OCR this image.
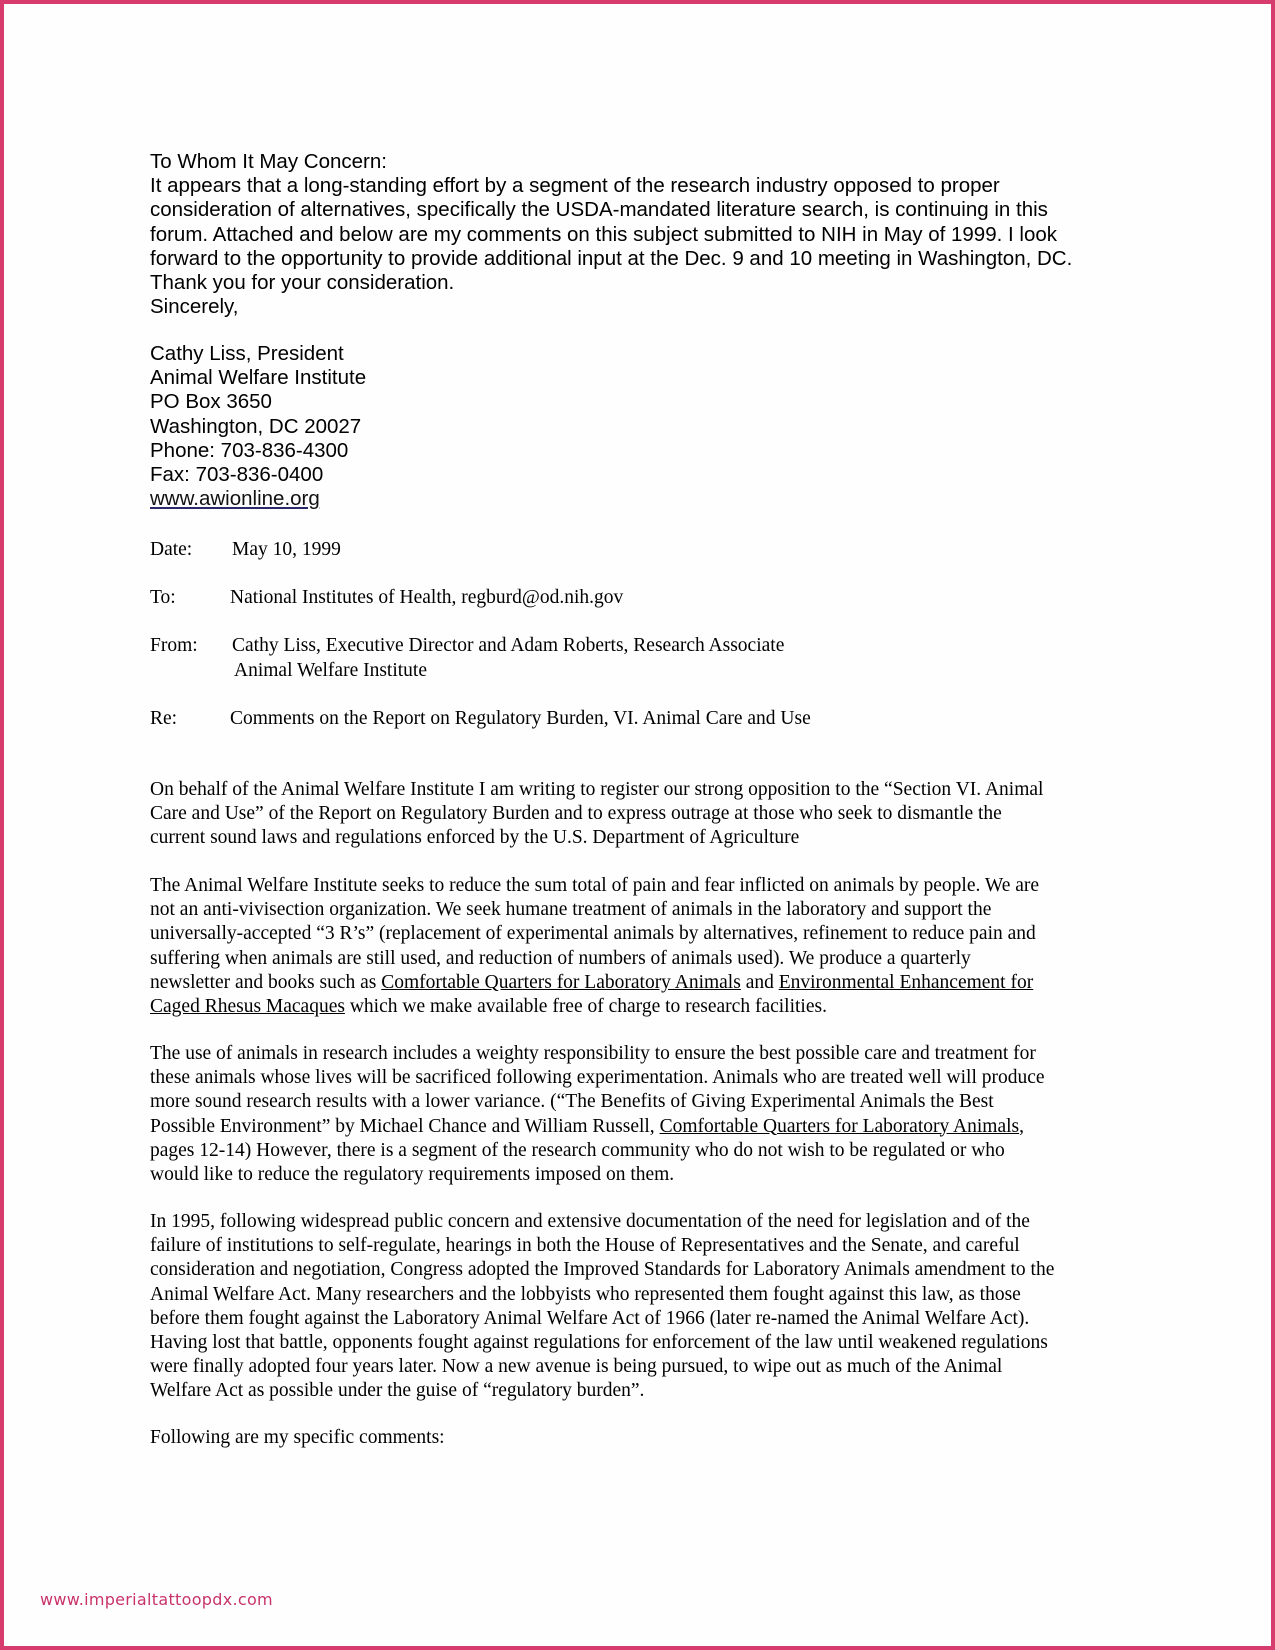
To Whom It May Concern:
It appears that a long-standing effort by a segment of the research industry opposed to proper
consideration of alternatives, specifically the USDA-mandated literature search, is continuing in this
forum. Attached and below are my comments on this subject submitted to NIH in May of 1999. I look
forward to the opportunity to provide additional input at the Dec. 9 and 10 meeting in Washington, DC.
Thank you for your consideration.
Sincerely,
Cathy Liss, President
Animal Welfare Institute
PO Box 3650
Washington, DC 20027
Phone: 703-836-4300
Fax: 703-836-0400
www.awionline.org
Date:	May 10, 1999
To:	National Institutes of Health, regburd@od.nih.gov
From:	Cathy Liss, Executive Director and Adam Roberts, Research Associate
Animal Welfare Institute
Re:	Comments on the Report on Regulatory Burden, VI. Animal Care and Use
On behalf of the Animal Welfare Institute I am writing to register our strong opposition to the “Section VI. Animal
Care and Use” of the Report on Regulatory Burden and to express outrage at those who seek to dismantle the
current sound laws and regulations enforced by the U.S. Department of Agriculture
The Animal Welfare Institute seeks to reduce the sum total of pain and fear inflicted on animals by people. We are
not an anti-vivisection organization. We seek humane treatment of animals in the laboratory and support the
universally-accepted “3 R’s” (replacement of experimental animals by alternatives, refinement to reduce pain and
suffering when animals are still used, and reduction of numbers of animals used). We produce a quarterly
newsletter and books such as Comfortable Quarters for Laboratory Animals and Environmental Enhancement for
Caged Rhesus Macaques which we make available free of charge to research facilities.
The use of animals in research includes a weighty responsibility to ensure the best possible care and treatment for
these animals whose lives will be sacrificed following experimentation. Animals who are treated well will produce
more sound research results with a lower variance. (“The Benefits of Giving Experimental Animals the Best
Possible Environment” by Michael Chance and William Russell, Comfortable Quarters for Laboratory Animals,
pages 12-14) However, there is a segment of the research community who do not wish to be regulated or who
would like to reduce the regulatory requirements imposed on them.
In 1995, following widespread public concern and extensive documentation of the need for legislation and of the
failure of institutions to self-regulate, hearings in both the House of Representatives and the Senate, and careful
consideration and negotiation, Congress adopted the Improved Standards for Laboratory Animals amendment to the
Animal Welfare Act. Many researchers and the lobbyists who represented them fought against this law, as those
before them fought against the Laboratory Animal Welfare Act of 1966 (later re-named the Animal Welfare Act).
Having lost that battle, opponents fought against regulations for enforcement of the law until weakened regulations
were finally adopted four years later. Now a new avenue is being pursued, to wipe out as much of the Animal
Welfare Act as possible under the guise of “regulatory burden”.
Following are my specific comments:
www.imperialtattoopdx.com
